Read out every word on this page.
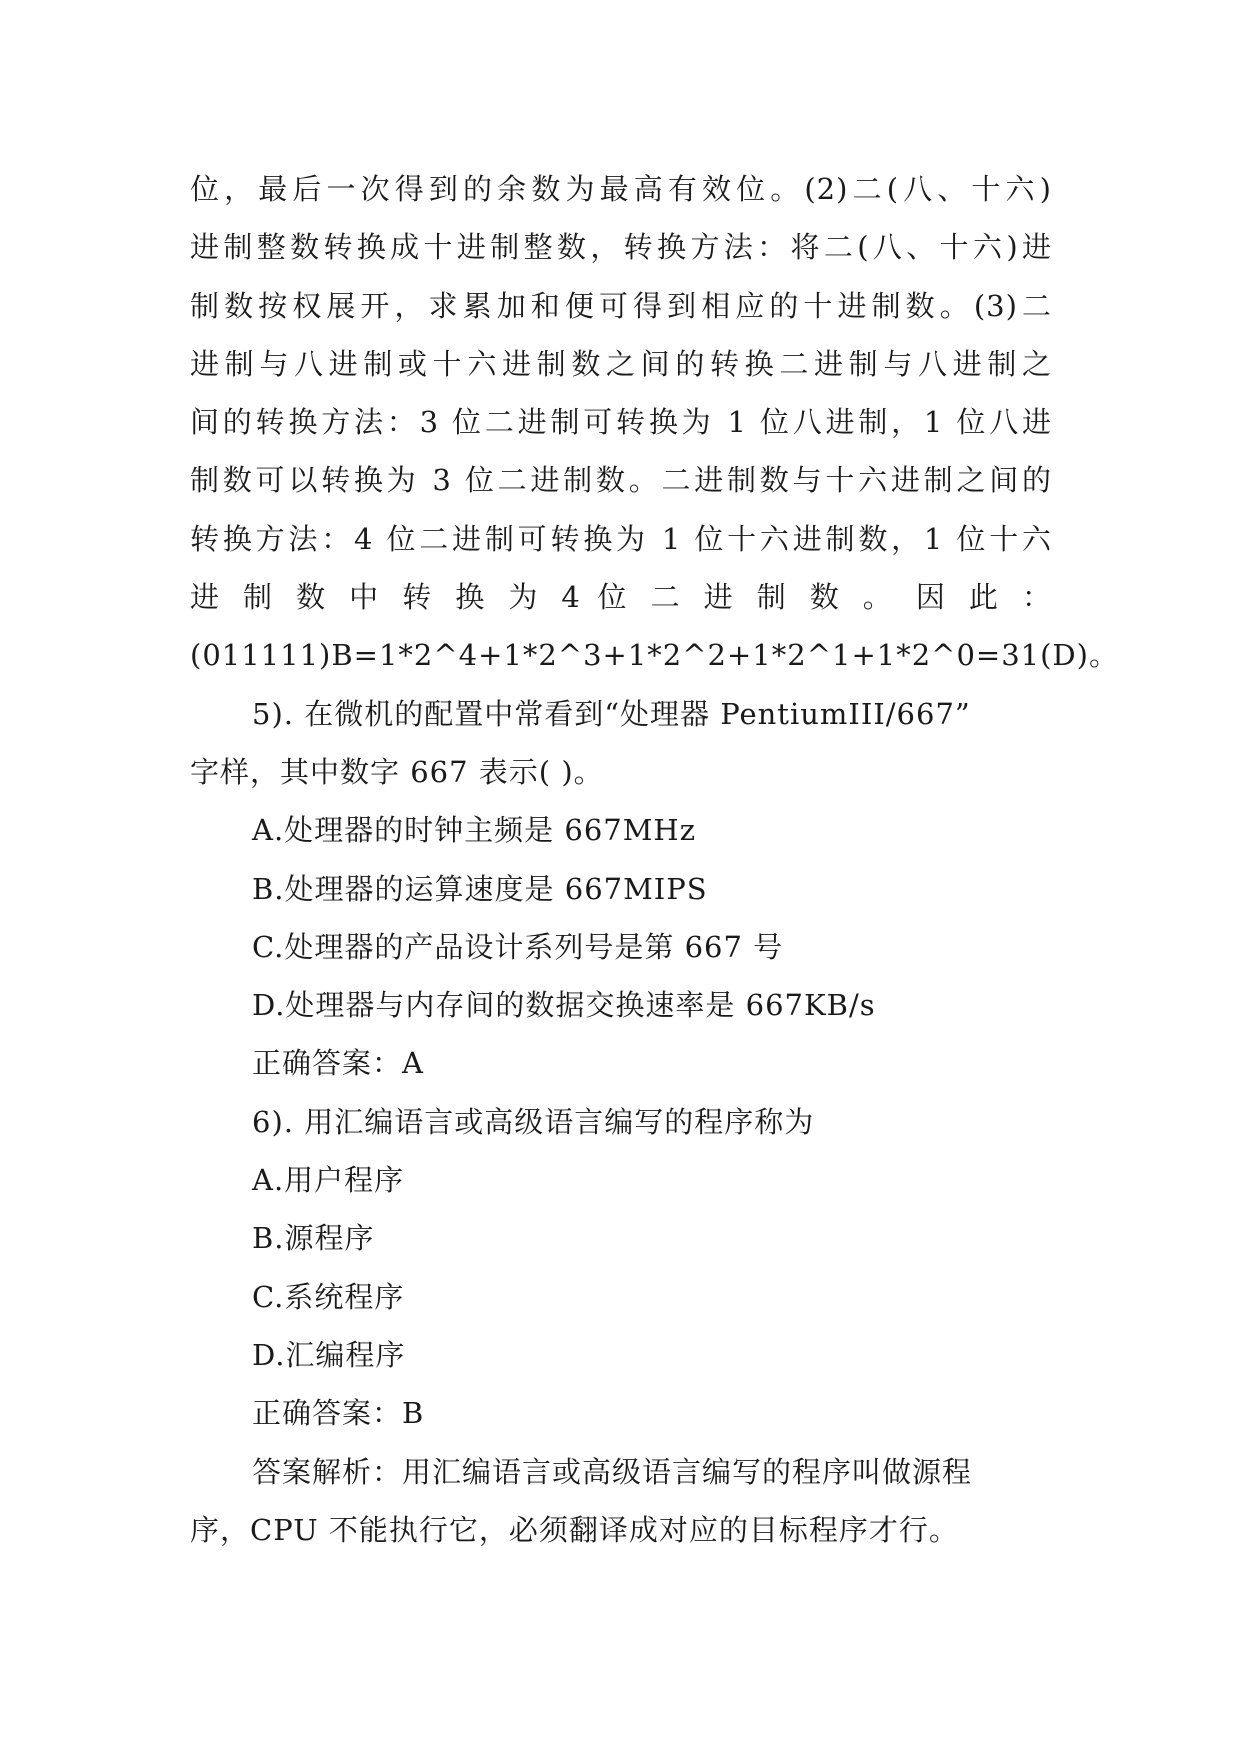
位，最后一次得到的余数为最高有效位。(2)二(八、十六)
进制整数转换成十进制整数，转换方法：将二(八、十六)进
制数按权展开，求累加和便可得到相应的十进制数。(3)二
进制与八进制或十六进制数之间的转换二进制与八进制之
间的转换方法：3 位二进制可转换为 1 位八进制，1 位八进
制数可以转换为 3 位二进制数。二进制数与十六进制之间的
转换方法：4 位二进制可转换为 1 位十六进制数，1 位十六
进 制 数 中 转 换 为 4 位 二 进 制 数 。 因 此 ：
(011111)B=1*2^4+1*2^3+1*2^2+1*2^1+1*2^0=31(D)。
5). 在微机的配置中常看到“处理器 PentiumIII/667”
字样，其中数字 667 表示( )。
A.处理器的时钟主频是 667MHz
B.处理器的运算速度是 667MIPS
C.处理器的产品设计系列号是第 667 号
D.处理器与内存间的数据交换速率是 667KB/s
正确答案：A
6). 用汇编语言或高级语言编写的程序称为
A.用户程序
B.源程序
C.系统程序
D.汇编程序
正确答案：B
答案解析：用汇编语言或高级语言编写的程序叫做源程
序，CPU 不能执行它，必须翻译成对应的目标程序才行。
